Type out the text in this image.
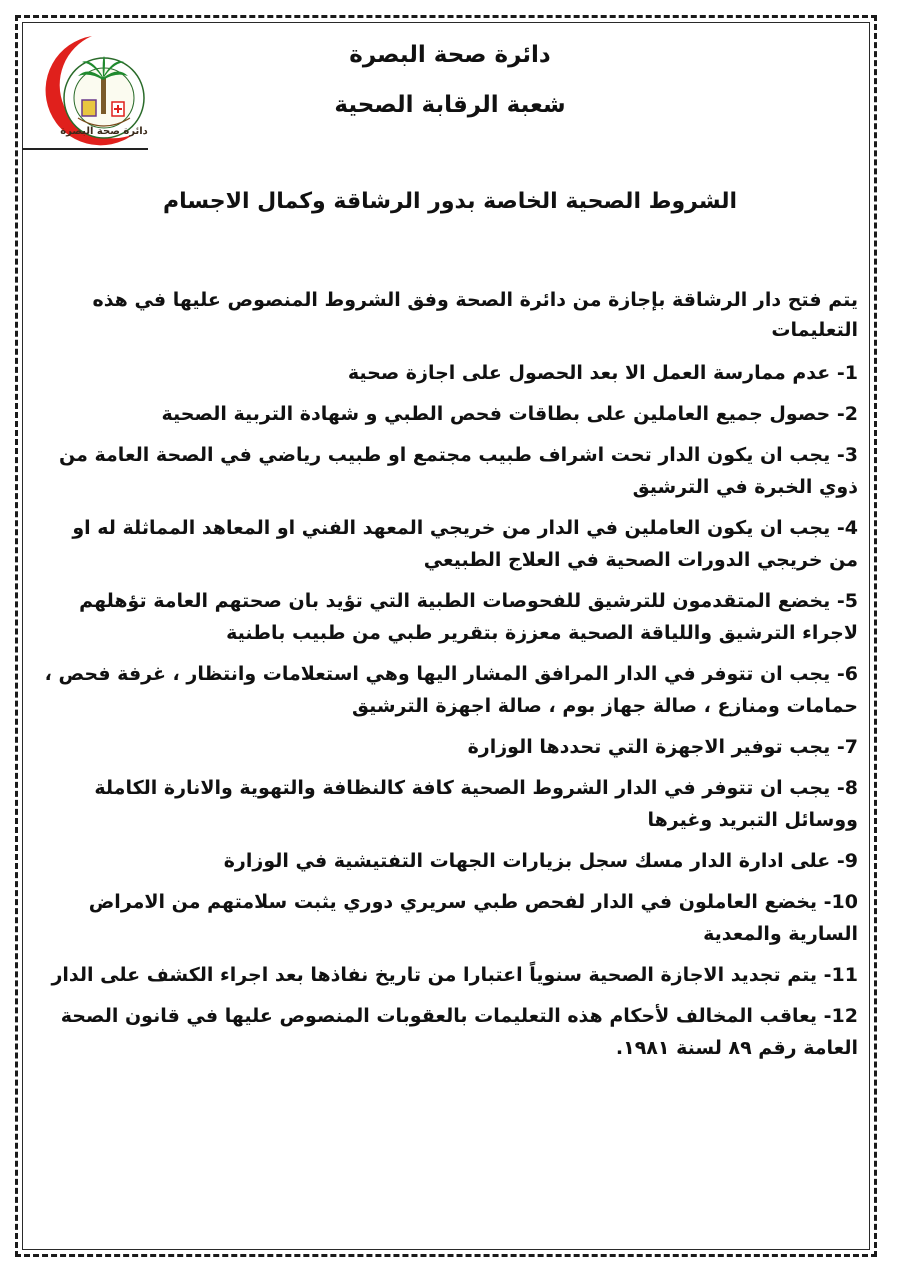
دائرة صحة البصرة
دائرة صحة البصرة
شعبة الرقابة الصحية
الشروط الصحية الخاصة بدور الرشاقة وكمال الاجسام
يتم فتح دار الرشاقة بإجازة من دائرة الصحة وفق الشروط المنصوص عليها في هذه التعليمات
1- عدم ممارسة العمل الا بعد الحصول على اجازة صحية
2- حصول جميع العاملين على بطاقات فحص الطبي و شهادة التربية الصحية
3- يجب ان يكون الدار تحت اشراف طبيب مجتمع او طبيب رياضي في الصحة العامة من ذوي الخبرة في الترشيق
4- يجب ان يكون العاملين في الدار من خريجي المعهد الفني او المعاهد المماثلة له او من خريجي الدورات الصحية في العلاج الطبيعي
5- يخضع المتقدمون للترشيق للفحوصات الطبية التي تؤيد بان صحتهم العامة تؤهلهم لاجراء الترشيق واللياقة الصحية معززة بتقرير طبي من طبيب باطنية
6- يجب ان تتوفر في الدار المرافق المشار اليها وهي استعلامات وانتظار ، غرفة فحص ، حمامات ومنازع ، صالة جهاز بوم ، صالة اجهزة الترشيق
7- يجب توفير الاجهزة التي تحددها الوزارة
8- يجب ان تتوفر في الدار الشروط الصحية كافة كالنظافة والتهوية والانارة الكاملة ووسائل التبريد وغيرها
9- على ادارة الدار مسك سجل بزيارات الجهات التفتيشية في الوزارة
10- يخضع العاملون في الدار لفحص طبي سريري دوري يثبت سلامتهم من الامراض السارية والمعدية
11- يتم تجديد الاجازة الصحية سنوياً اعتبارا من تاريخ نفاذها بعد اجراء الكشف على الدار
12- يعاقب المخالف لأحكام هذه التعليمات بالعقوبات المنصوص عليها في قانون الصحة العامة رقم ٨٩ لسنة ١٩٨١.
